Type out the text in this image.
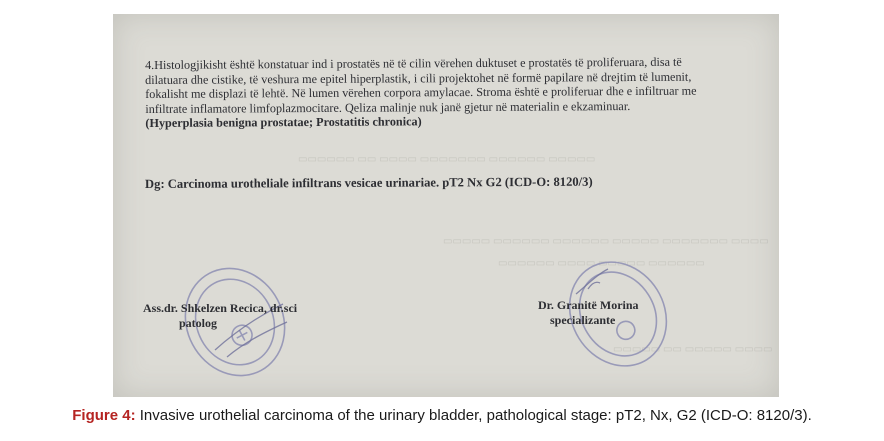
▭▭▭▭▭▭ ▭▭ ▭▭▭▭ ▭▭▭▭▭▭▭ ▭▭▭▭▭▭ ▭▭▭▭▭
▭▭▭▭▭ ▭▭▭▭▭▭ ▭▭▭▭▭▭ ▭▭▭▭▭ ▭▭▭▭▭▭▭ ▭▭▭▭
▭▭▭▭▭▭ ▭▭▭▭ ▭▭▭▭▭ ▭▭▭▭▭▭
▭▭▭▭▭ ▭▭ ▭▭▭▭▭ ▭▭▭▭

4.Histologjikisht është konstatuar ind i prostatës në të cilin vërehen duktuset e prostatës të proliferuara, disa të

dilatuara dhe cistike, të veshura me epitel hiperplastik, i cili projektohet në formë papilare në drejtim të lumenit,

fokalisht me displazi të lehtë. Në lumen vërehen corpora amylacae. Stroma është e proliferuar dhe e infiltruar me

infiltrate inflamatore limfoplazmocitare. Qeliza malinje nuk janë gjetur në materialin e ekzaminuar.

(Hyperplasia benigna prostatae; Prostatitis chronica)

Dg: Carcinoma urotheliale infiltrans vesicae urinariae. pT2 Nx G2 (ICD-O: 8120/3)
Ass.dr. Shkelzen Recica, dr.sci
patolog
Dr. Granitë Morina
specializante
Figure 4: Invasive urothelial carcinoma of the urinary bladder, pathological stage: pT2, Nx, G2 (ICD-O: 8120/3).
